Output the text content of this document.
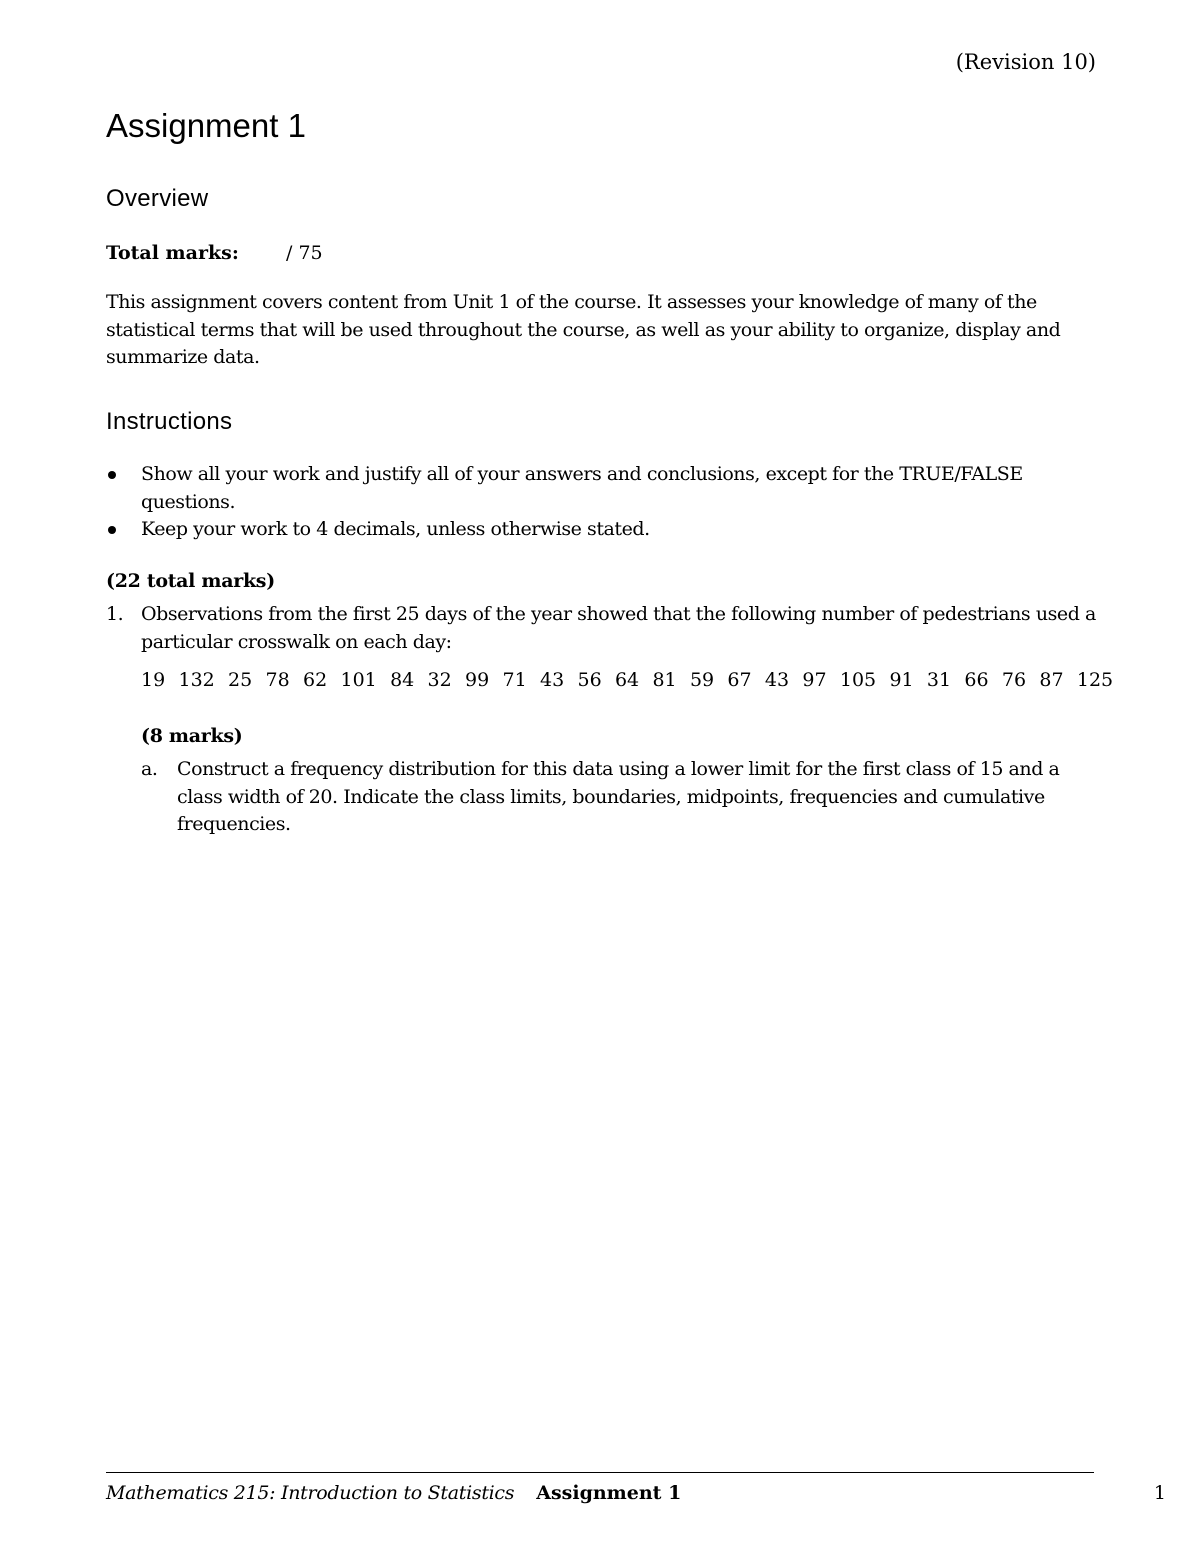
(Revision 10)
Assignment 1
Overview
Total marks: / 75

This assignment covers content from Unit 1 of the course. It assesses your knowledge of many of the statistical terms that will be used throughout the course, as well as your ability to organize, display and summarize data.

Instructions
Show all your work and justify all of your answers and conclusions, except for the TRUE/FALSE questions.
Keep your work to 4 decimals, unless otherwise stated.
(22 total marks)
1. Observations from the first 25 days of the year showed that the following number of pedestrians used a particular crosswalk on each day:

19 132 25 78 62 101 84 32 99 71 43 56 64 81 59 67 43 97 105 91 31 66 76 87 125
(8 marks)
a.	Construct a frequency distribution for this data using a lower limit for the first class of 15 and a class width of 20. Indicate the class limits, boundaries, midpoints, frequencies and cumulative frequencies.

Mathematics 215: Introduction to Statistics Assignment 1	1
